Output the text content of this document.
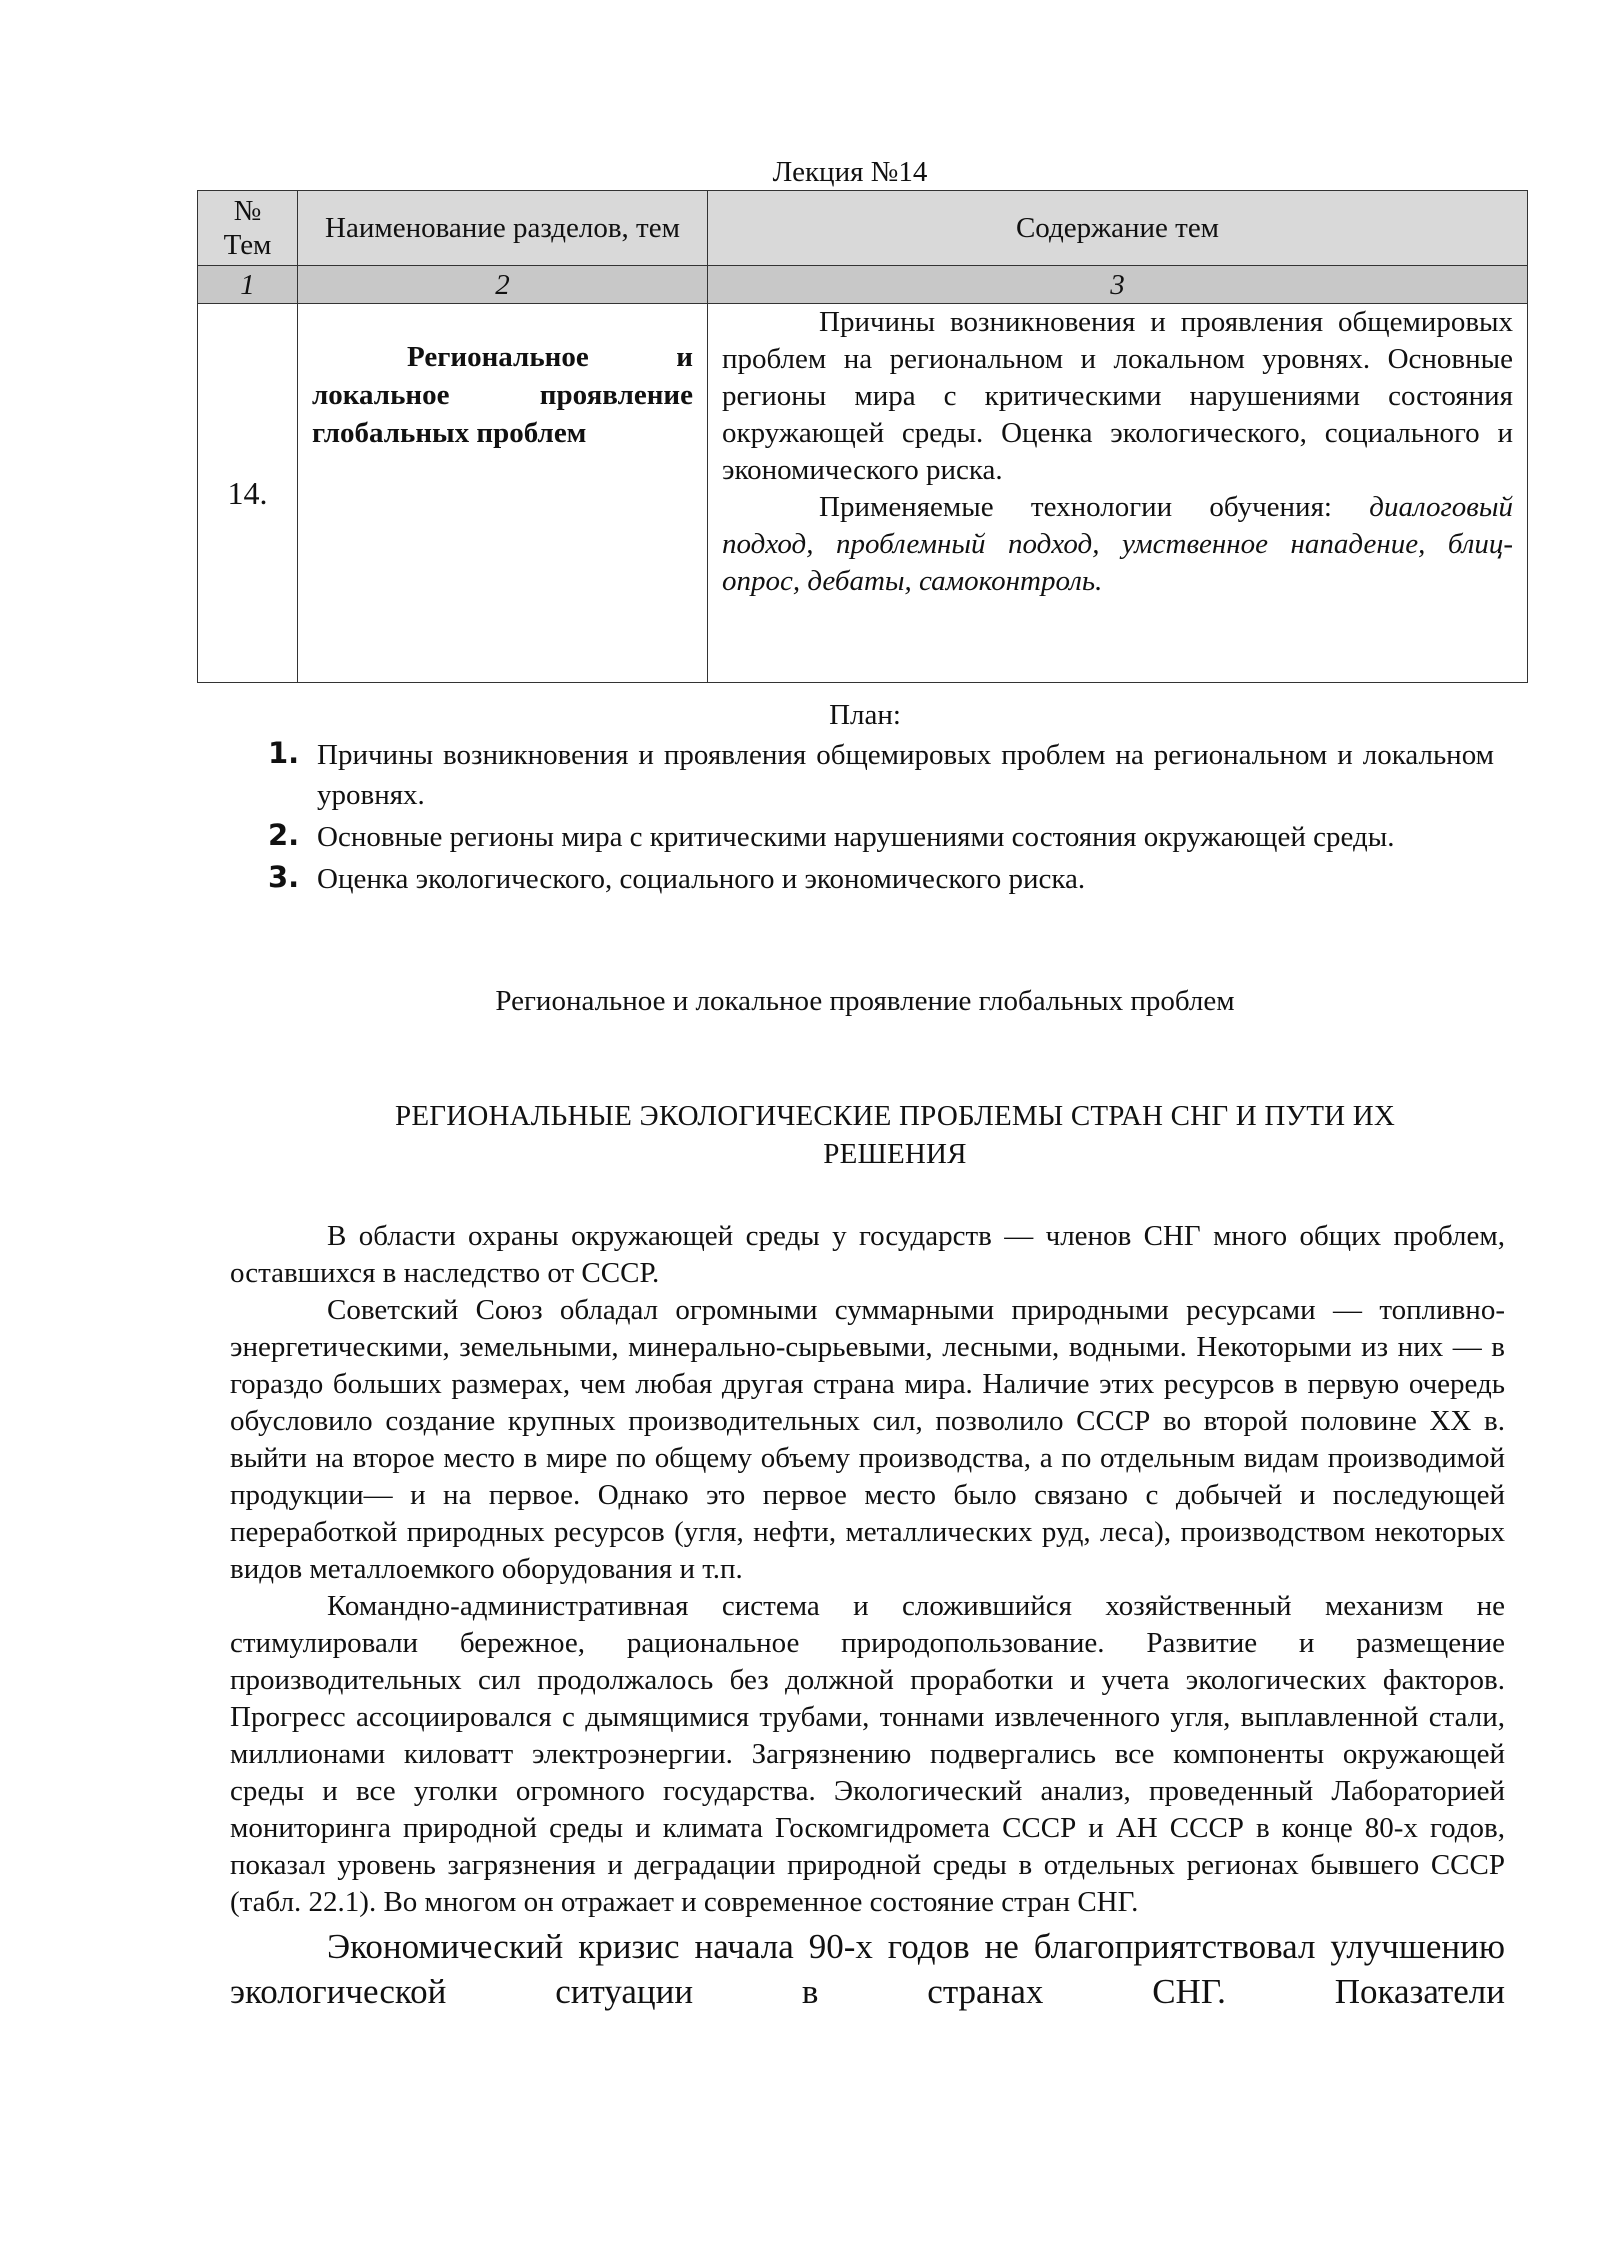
Лекция №14
№
Тем	Наименование разделов, тем	Содержание тем
1	2	3
14.	Региональное и локальное проявление глобальных проблем	Причины возникновения и проявления общемировых проблем на региональном и локальном уровнях. Основные регионы мира с критическими нарушениями состояния окружающей среды. Оценка экологического, социального и экономического риска.

Применяемые технологии обучения: диалоговый подход, проблемный подход, умственное нападение, блиц-опрос, дебаты, самоконтроль.

План:
1. Причины возникновения и проявления общемировых проблем на региональном и локальном уровнях.
2. Основные регионы мира с критическими нарушениями состояния окружающей среды.
3. Оценка экологического, социального и экономического риска.
Региональное и локальное проявление глобальных проблем
РЕГИОНАЛЬНЫЕ ЭКОЛОГИЧЕСКИЕ ПРОБЛЕМЫ СТРАН СНГ И ПУТИ ИХ РЕШЕНИЯ

В области охраны окружающей среды у государств — членов СНГ много общих проблем, оставшихся в наследство от СССР.

Советский Союз обладал огромными суммарными природными ресурсами — топливно-энергетическими, земельными, минерально-сырьевыми, лесными, водными. Некоторыми из них — в гораздо больших размерах, чем любая другая страна мира. Наличие этих ресурсов в первую очередь обусловило создание крупных производительных сил, позволило СССР во второй половине XX в. выйти на второе место в мире по общему объему производства, а по отдельным видам производимой продукции— и на первое. Однако это первое место было связано с добычей и последующей переработкой природных ресурсов (угля, нефти, металлических руд, леса), производством некоторых видов металлоемкого оборудования и т.п.

Командно-административная система и сложившийся хозяйственный механизм не стимулировали бережное, рациональное природопользование. Развитие и размещение производительных сил продолжалось без должной проработки и учета экологических факторов. Прогресс ассоциировался с дымящимися трубами, тоннами извлеченного угля, выплавленной стали, миллионами киловатт электроэнергии. Загрязнению подвергались все компоненты окружающей среды и все уголки огромного государства. Экологический анализ, проведенный Лабораторией мониторинга природной среды и климата Госкомгидромета СССР и АН СССР в конце 80-х годов, показал уровень загрязнения и деградации природной среды в отдельных регионах бывшего СССР (табл. 22.1). Во многом он отражает и современное состояние стран СНГ.

Экономический кризис начала 90-х годов не благоприятствовал улучшению экологической ситуации в странах СНГ. Показатели
